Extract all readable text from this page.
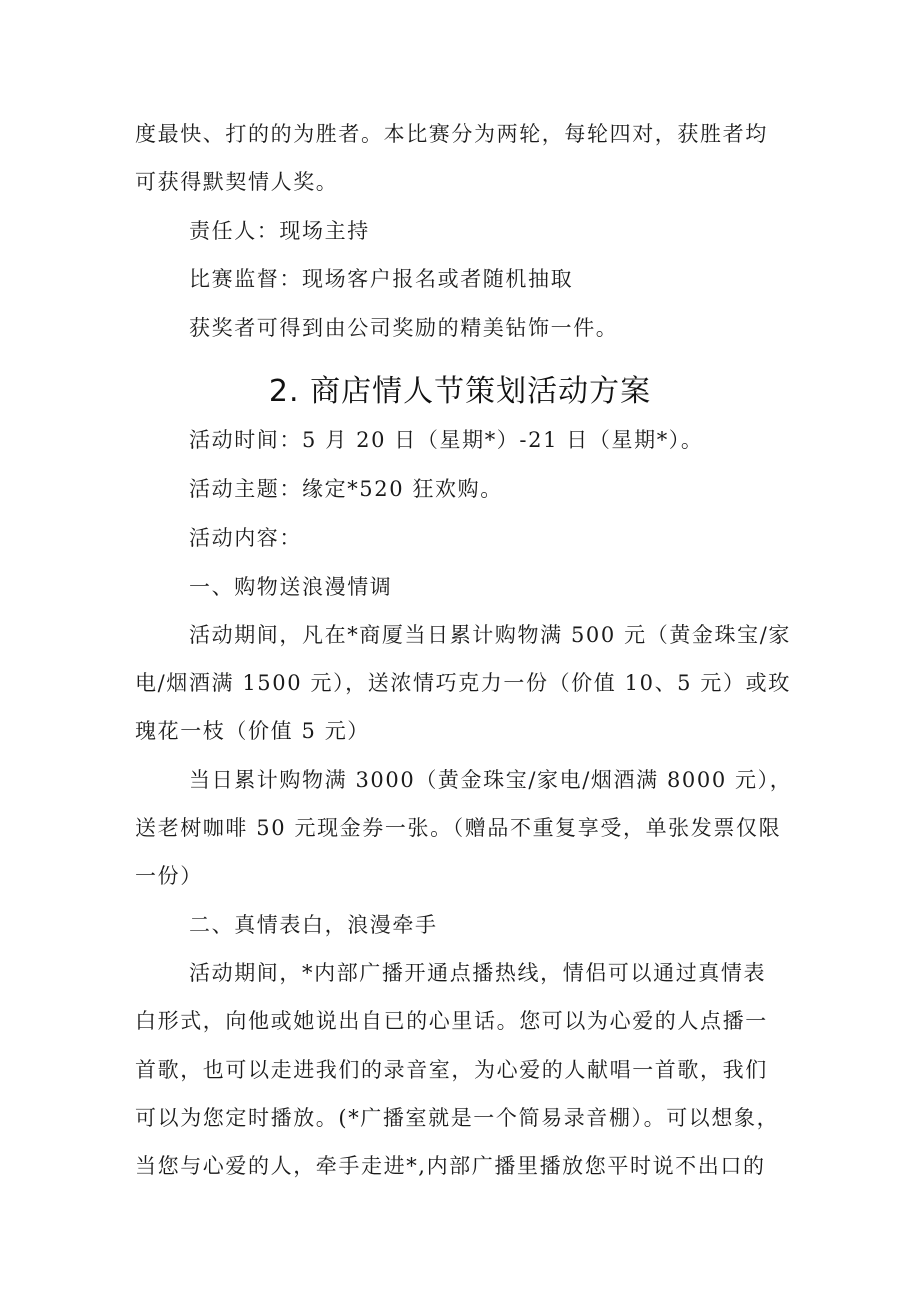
度最快、打的的为胜者。本比赛分为两轮，每轮四对，获胜者均
可获得默契情人奖。
责任人：现场主持
比赛监督：现场客户报名或者随机抽取
获奖者可得到由公司奖励的精美钻饰一件。
2. 商店情人节策划活动方案
活动时间：5 月 20 日（星期*）-21 日（星期*）。
活动主题：缘定*520 狂欢购。
活动内容：
一、购物送浪漫情调
活动期间，凡在*商厦当日累计购物满 500 元（黄金珠宝/家
电/烟酒满 1500 元），送浓情巧克力一份（价值 10、5 元）或玫
瑰花一枝（价值 5 元）
当日累计购物满 3000（黄金珠宝/家电/烟酒满 8000 元），
送老树咖啡 50 元现金券一张。（赠品不重复享受，单张发票仅限
一份）
二、真情表白，浪漫牵手
活动期间，*内部广播开通点播热线，情侣可以通过真情表
白形式，向他或她说出自已的心里话。您可以为心爱的人点播一
首歌，也可以走进我们的录音室，为心爱的人献唱一首歌，我们
可以为您定时播放。(*广播室就是一个简易录音棚）。可以想象，
当您与心爱的人，牵手走进*,内部广播里播放您平时说不出口的
